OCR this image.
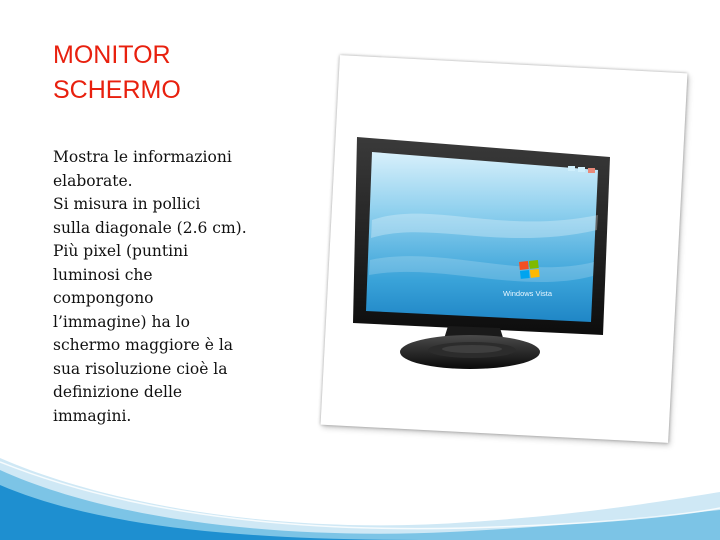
MONITOR
SCHERMO
Mostra le informazioni
elaborate.
Si misura in pollici
sulla diagonale (2.6 cm).
Più pixel (puntini
luminosi che
compongono
l’immagine) ha lo
schermo maggiore è la
sua risoluzione cioè la
definizione delle
immagini.
Windows Vista
